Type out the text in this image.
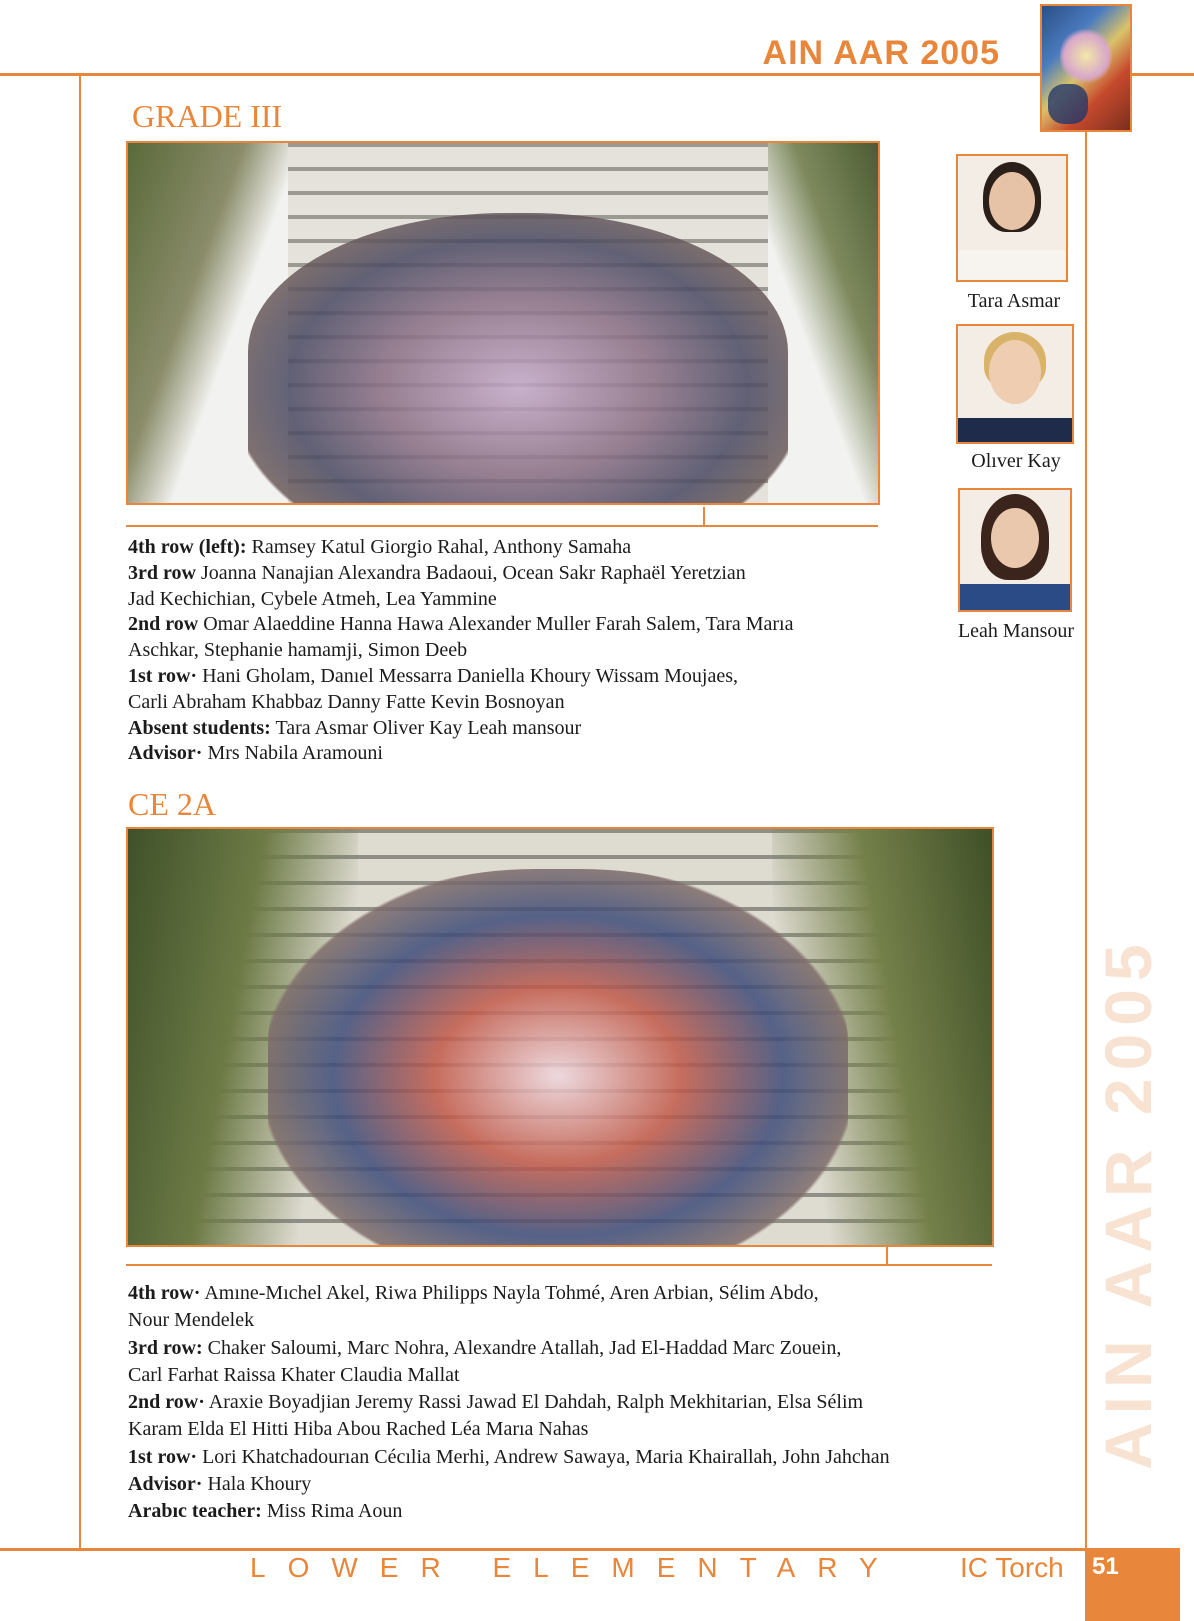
AIN AAR 2005
AIN AAR 2005
GRADE III

4th row (left): Ramsey Katul Giorgio Rahal, Anthony Samaha

3rd row Joanna Nanajian Alexandra Badaoui, Ocean Sakr Raphaël Yeretzian

Jad Kechichian, Cybele Atmeh, Lea Yammine

2nd row Omar Alaeddine Hanna Hawa Alexander Muller Farah Salem, Tara Marıa

Aschkar, Stephanie hamamji, Simon Deeb

1st row· Hani Gholam, Danıel Messarra Daniella Khoury Wissam Moujaes,

Carli Abraham Khabbaz Danny Fatte Kevin Bosnoyan

Absent students: Tara Asmar Oliver Kay Leah mansour

Advisor· Mrs Nabila Aramouni

Tara Asmar
Olıver Kay
Leah Mansour
CE 2A

4th row· Amıne-Mıchel Akel, Riwa Philipps Nayla Tohmé, Aren Arbian, Sélim Abdo,

Nour Mendelek

3rd row: Chaker Saloumi, Marc Nohra, Alexandre Atallah, Jad El-Haddad Marc Zouein,

Carl Farhat Raissa Khater Claudia Mallat

2nd row· Araxie Boyadjian Jeremy Rassi Jawad El Dahdah, Ralph Mekhitarian, Elsa Sélim

Karam Elda El Hitti Hiba Abou Rached Léa Marıa Nahas

1st row· Lori Khatchadourıan Cécılia Merhi, Andrew Sawaya, Maria Khairallah, John Jahchan

Advisor· Hala Khoury

Arabıc teacher: Miss Rima Aoun

LOWER ELEMENTARY IC Torch 51
